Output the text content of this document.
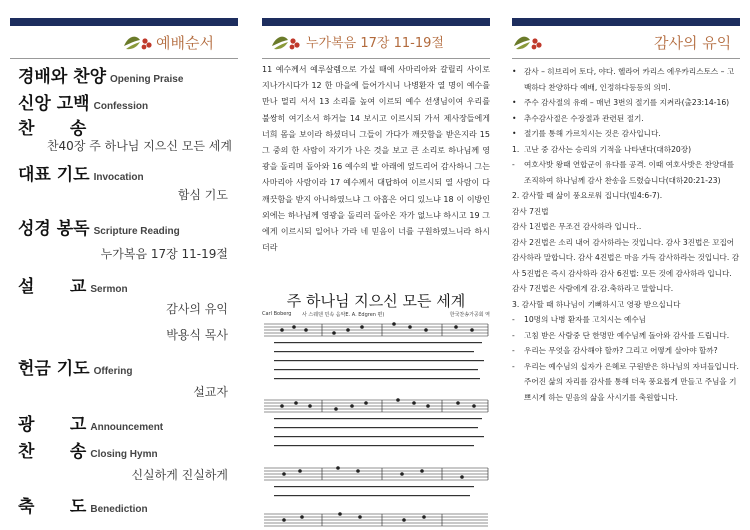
예배순서
경배와 찬양 Opening Praise
신앙 고백 Confession
찬      송
찬40장 주 하나님 지으신 모든 세계
대표 기도 Invocation
함심 기도
성경 봉독 Scripture Reading
누가복음 17장 11-19절
설      교 Sermon
감사의 유익
박용식 목사
헌금 기도 Offering
설교자
광      고 Announcement
찬      송 Closing Hymn
신실하게 진실하게
축      도 Benediction
누가복음 17장 11-19절
11 예수께서 예루살렘으로 가실 때에 사마리아와 갈릴리 사이로 지나가시다가 12 한 마을에 들어가시니 나병환자 열 명이 예수를 만나 멀리 서서 13 소리를 높여 이르되 예수 선생님이여 우리를 불쌍히 여기소서 하거늘 14 보시고 이르시되 가서 제사장들에게 너희 몸을 보이라 하셨더니 그들이 가다가 깨끗함을 받은지라 15 그 중의 한 사람이 자기가 나은 것을 보고 큰 소리로 하나님께 영광을 돌리며 돌아와 16 예수의 발 아래에 엎드리어 감사하니 그는 사마리아 사람이라 17 예수께서 대답하여 이르시되 열 사람이 다 깨끗함을 받지 아니하였느냐 그 아홉은 어디 있느냐 18 이 이방인 외에는 하나님께 영광을 돌리러 돌아온 자가 없느냐 하시고 19 그에게 이르시되 일어나 가라 네 믿음이 너를 구원하였느니라 하시더라
주 하나님 지으신 모든 세계
Carl Boberg 사 스웨덴 민속 음악E. A. Edgren 편)	한국찬송가공회 역
감사의 유익
• 감사 – 히브리어 토다, 야다. 헬라어 카리스 에우카리스토스 – 고백하다 찬양하다 예배, 인정하다등등의 의미.
• 주수 감사절의 유래 – 매년 3번의 절기를 지켜라(출23:14-16)
• 추수감사절은 수장절과 관련된 절기.
• 절기를 통해 가르치시는 것은 감사입니다.
1. 고난 중 감사는 승리의 기적을 나타낸다(대하20장)
- 여호사밧 왕때 연합군이 유다를 공격. 이때 여호사밧은 찬양대를 조직하여 하나님께 감사 찬송을 드렸습니다(대하20:21-23)
2. 감사할 때 삶이 풍요로워 집니다(빌4:6-7).
감사 7진법
감사 1진법은 무조건 감사하라 입니다..
감사 2진법은 소리 내어 감사하라는 것입니다. 감사 3진법은 꼬집어 감사하라 말합니다. 감사 4진법은 마음 가득 감사하라는 것입니다. 감사 5진법은 즉시 감사하라 감사 6진법: 모든 것에 감사하라 입니다. 감사 7진법은 사람에게 감.감.축하라고 말합니다.
3. 감사할 때 하나님이 기뻐하시고 영광 받으십니다
- 10명의 나병 환자를 고치시는 예수님
- 고침 받은 사람중 단 한명만 예수님께 돌아와 감사를 드립니다.
- 우리는 무엇을 감사해야 할까? 그리고 어떻게 살아야 할까?
- 우리는 예수님의 십자가 은혜로 구원받은 하나님의 자녀들입니다. 주어진 삶의 자리를 감사를 통해 더욱 풍요롭게 만들고 주님을 기쁘시게 하는 믿음의 삶을 사시기를 축원합니다.
